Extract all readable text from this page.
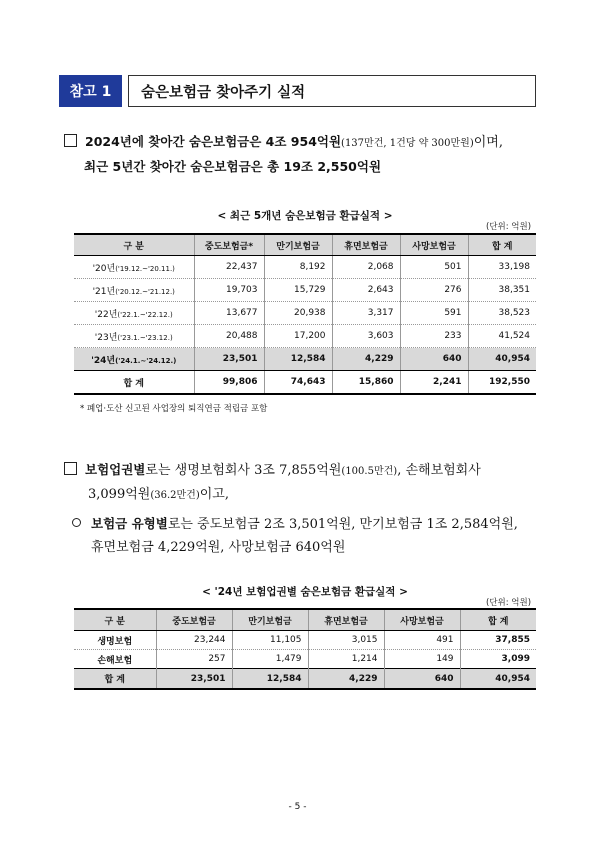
참고 1	숨은보험금 찾아주기 실적
2024년에 찾아간 숨은보험금은 4조 954억원(137만건, 1건당 약 300만원)이며,
최근 5년간 찾아간 숨은보험금은 총 19조 2,550억원
< 최근 5개년 숨은보험금 환급실적 >
(단위: 억원)
구 분	중도보험금*	만기보험금	휴면보험금	사망보험금	합 계
'20년('19.12.~'20.11.)	22,437	8,192	2,068	501	33,198
'21년('20.12.~'21.12.)	19,703	15,729	2,643	276	38,351
'22년('22.1.~'22.12.)	13,677	20,938	3,317	591	38,523
'23년('23.1.~'23.12.)	20,488	17,200	3,603	233	41,524
'24년('24.1.~'24.12.)	23,501	12,584	4,229	640	40,954
합 계	99,806	74,643	15,860	2,241	192,550
* 폐업·도산 신고된 사업장의 퇴직연금 적립금 포함
보험업권별로는 생명보험회사 3조 7,855억원(100.5만건), 손해보험회사
3,099억원(36.2만건)이고,
보험금 유형별로는 중도보험금 2조 3,501억원, 만기보험금 1조 2,584억원,
휴면보험금 4,229억원, 사망보험금 640억원
< '24년 보험업권별 숨은보험금 환급실적 >
(단위: 억원)
구 분	중도보험금	만기보험금	휴면보험금	사망보험금	합 계
생명보험	23,244	11,105	3,015	491	37,855
손해보험	257	1,479	1,214	149	3,099
합 계	23,501	12,584	4,229	640	40,954
- 5 -
